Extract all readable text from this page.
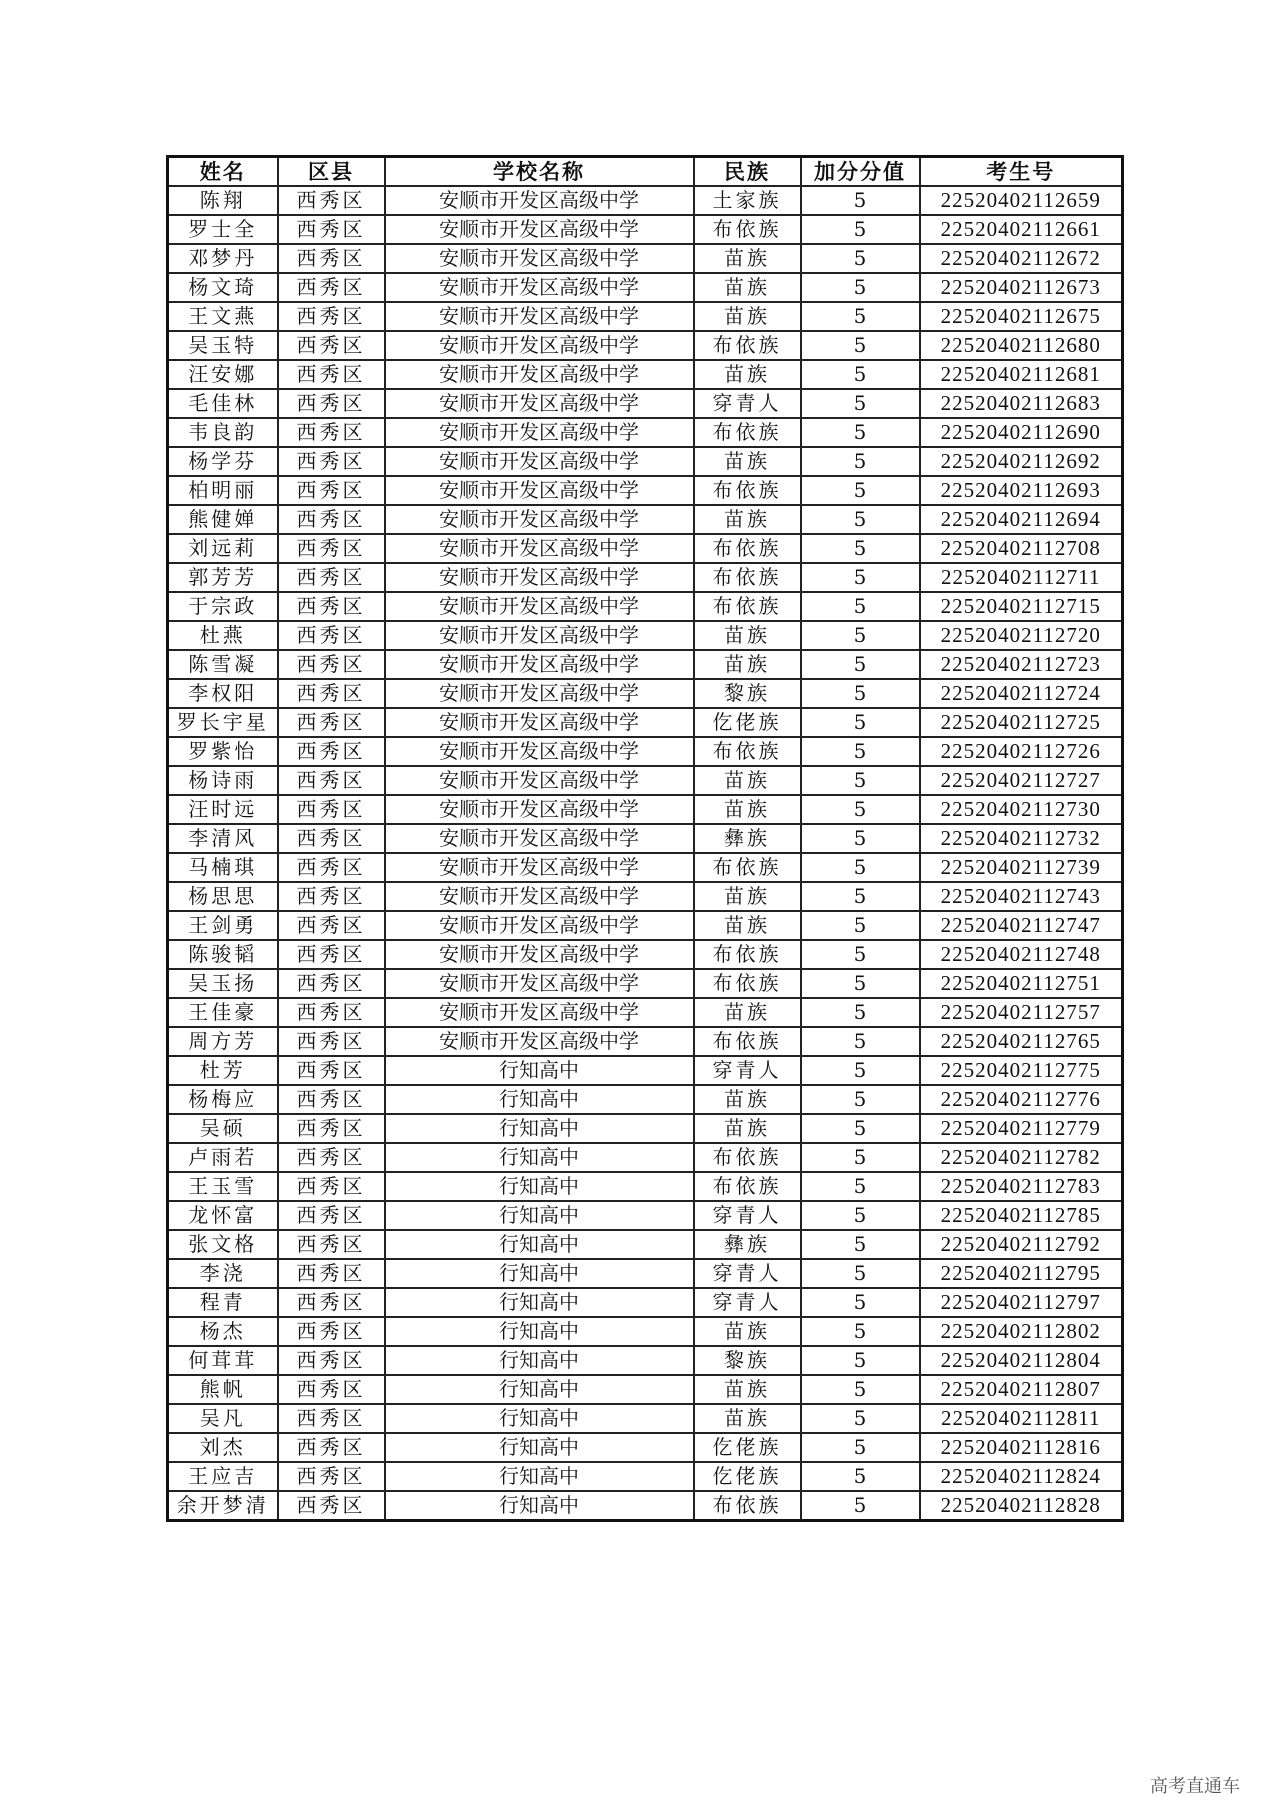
姓名	区县	学校名称	民族	加分分值	考生号
陈翔	西秀区	安顺市开发区高级中学	土家族	5	22520402112659
罗士全	西秀区	安顺市开发区高级中学	布依族	5	22520402112661
邓梦丹	西秀区	安顺市开发区高级中学	苗族	5	22520402112672
杨文琦	西秀区	安顺市开发区高级中学	苗族	5	22520402112673
王文燕	西秀区	安顺市开发区高级中学	苗族	5	22520402112675
吴玉特	西秀区	安顺市开发区高级中学	布依族	5	22520402112680
汪安娜	西秀区	安顺市开发区高级中学	苗族	5	22520402112681
毛佳林	西秀区	安顺市开发区高级中学	穿青人	5	22520402112683
韦良韵	西秀区	安顺市开发区高级中学	布依族	5	22520402112690
杨学芬	西秀区	安顺市开发区高级中学	苗族	5	22520402112692
柏明丽	西秀区	安顺市开发区高级中学	布依族	5	22520402112693
熊健婵	西秀区	安顺市开发区高级中学	苗族	5	22520402112694
刘远莉	西秀区	安顺市开发区高级中学	布依族	5	22520402112708
郭芳芳	西秀区	安顺市开发区高级中学	布依族	5	22520402112711
于宗政	西秀区	安顺市开发区高级中学	布依族	5	22520402112715
杜燕	西秀区	安顺市开发区高级中学	苗族	5	22520402112720
陈雪凝	西秀区	安顺市开发区高级中学	苗族	5	22520402112723
李权阳	西秀区	安顺市开发区高级中学	黎族	5	22520402112724
罗长宇星	西秀区	安顺市开发区高级中学	仡佬族	5	22520402112725
罗紫怡	西秀区	安顺市开发区高级中学	布依族	5	22520402112726
杨诗雨	西秀区	安顺市开发区高级中学	苗族	5	22520402112727
汪时远	西秀区	安顺市开发区高级中学	苗族	5	22520402112730
李清风	西秀区	安顺市开发区高级中学	彝族	5	22520402112732
马楠琪	西秀区	安顺市开发区高级中学	布依族	5	22520402112739
杨思思	西秀区	安顺市开发区高级中学	苗族	5	22520402112743
王剑勇	西秀区	安顺市开发区高级中学	苗族	5	22520402112747
陈骏韬	西秀区	安顺市开发区高级中学	布依族	5	22520402112748
吴玉扬	西秀区	安顺市开发区高级中学	布依族	5	22520402112751
王佳豪	西秀区	安顺市开发区高级中学	苗族	5	22520402112757
周方芳	西秀区	安顺市开发区高级中学	布依族	5	22520402112765
杜芳	西秀区	行知高中	穿青人	5	22520402112775
杨梅应	西秀区	行知高中	苗族	5	22520402112776
吴硕	西秀区	行知高中	苗族	5	22520402112779
卢雨若	西秀区	行知高中	布依族	5	22520402112782
王玉雪	西秀区	行知高中	布依族	5	22520402112783
龙怀富	西秀区	行知高中	穿青人	5	22520402112785
张文格	西秀区	行知高中	彝族	5	22520402112792
李浇	西秀区	行知高中	穿青人	5	22520402112795
程青	西秀区	行知高中	穿青人	5	22520402112797
杨杰	西秀区	行知高中	苗族	5	22520402112802
何茸茸	西秀区	行知高中	黎族	5	22520402112804
熊帆	西秀区	行知高中	苗族	5	22520402112807
吴凡	西秀区	行知高中	苗族	5	22520402112811
刘杰	西秀区	行知高中	仡佬族	5	22520402112816
王应吉	西秀区	行知高中	仡佬族	5	22520402112824
余开梦清	西秀区	行知高中	布依族	5	22520402112828
高考直通车
